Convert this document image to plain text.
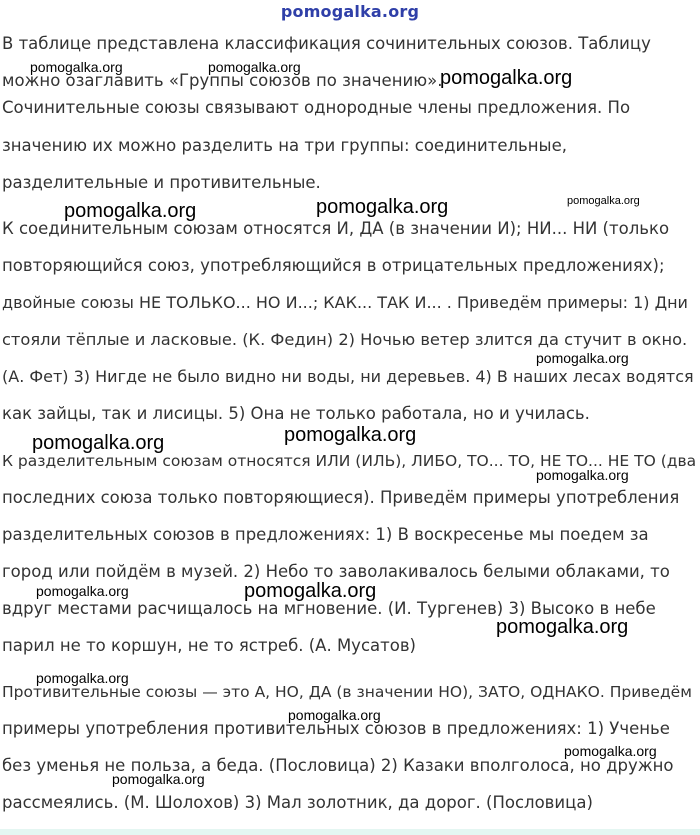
pomogalka.org
В таблице представлена классификация сочинительных союзов. Таблицу
можно озаглавить «Группы союзов по значению».
Сочинительные союзы связывают однородные члены предложения. По
значению их можно разделить на три группы: соединительные,
разделительные и противительные.
К соединительным союзам относятся И, ДА (в значении И); НИ... НИ (только
повторяющийся союз, употребляющийся в отрицательных предложениях);
двойные союзы НЕ ТОЛЬКО... НО И...; КАК... ТАК И... . Приведём примеры: 1) Дни
стояли тёплые и ласковые. (К. Федин) 2) Ночью ветер злится да стучит в окно.
(А. Фет) 3) Нигде не было видно ни воды, ни деревьев. 4) В наших лесах водятся
как зайцы, так и лисицы. 5) Она не только работала, но и училась.
К разделительным союзам относятся ИЛИ (ИЛЬ), ЛИБО, ТО... ТО, НЕ ТО... НЕ ТО (два
последних союза только повторяющиеся). Приведём примеры употребления
разделительных союзов в предложениях: 1) В воскресенье мы поедем за
город или пойдём в музей. 2) Небо то заволакивалось белыми облаками, то
вдруг местами расчищалось на мгновение. (И. Тургенев) 3) Высоко в небе
парил не то коршун, не то ястреб. (А. Мусатов)
Противительные союзы — это А, НО, ДА (в значении НО), ЗАТО, ОДНАКО. Приведём
примеры употребления противительных союзов в предложениях: 1) Ученье
без уменья не польза, а беда. (Пословица) 2) Казаки вполголоса, но дружно
рассмеялись. (М. Шолохов) 3) Мал золотник, да дорог. (Пословица)
pomogalka.org	pomogalka.org	pomogalka.org
pomogalka.org
pomogalka.org	pomogalka.org
pomogalka.org
pomogalka.org
pomogalka.org
pomogalka.org
pomogalka.org	pomogalka.org
pomogalka.org
pomogalka.org
pomogalka.org
pomogalka.org
pomogalka.org
